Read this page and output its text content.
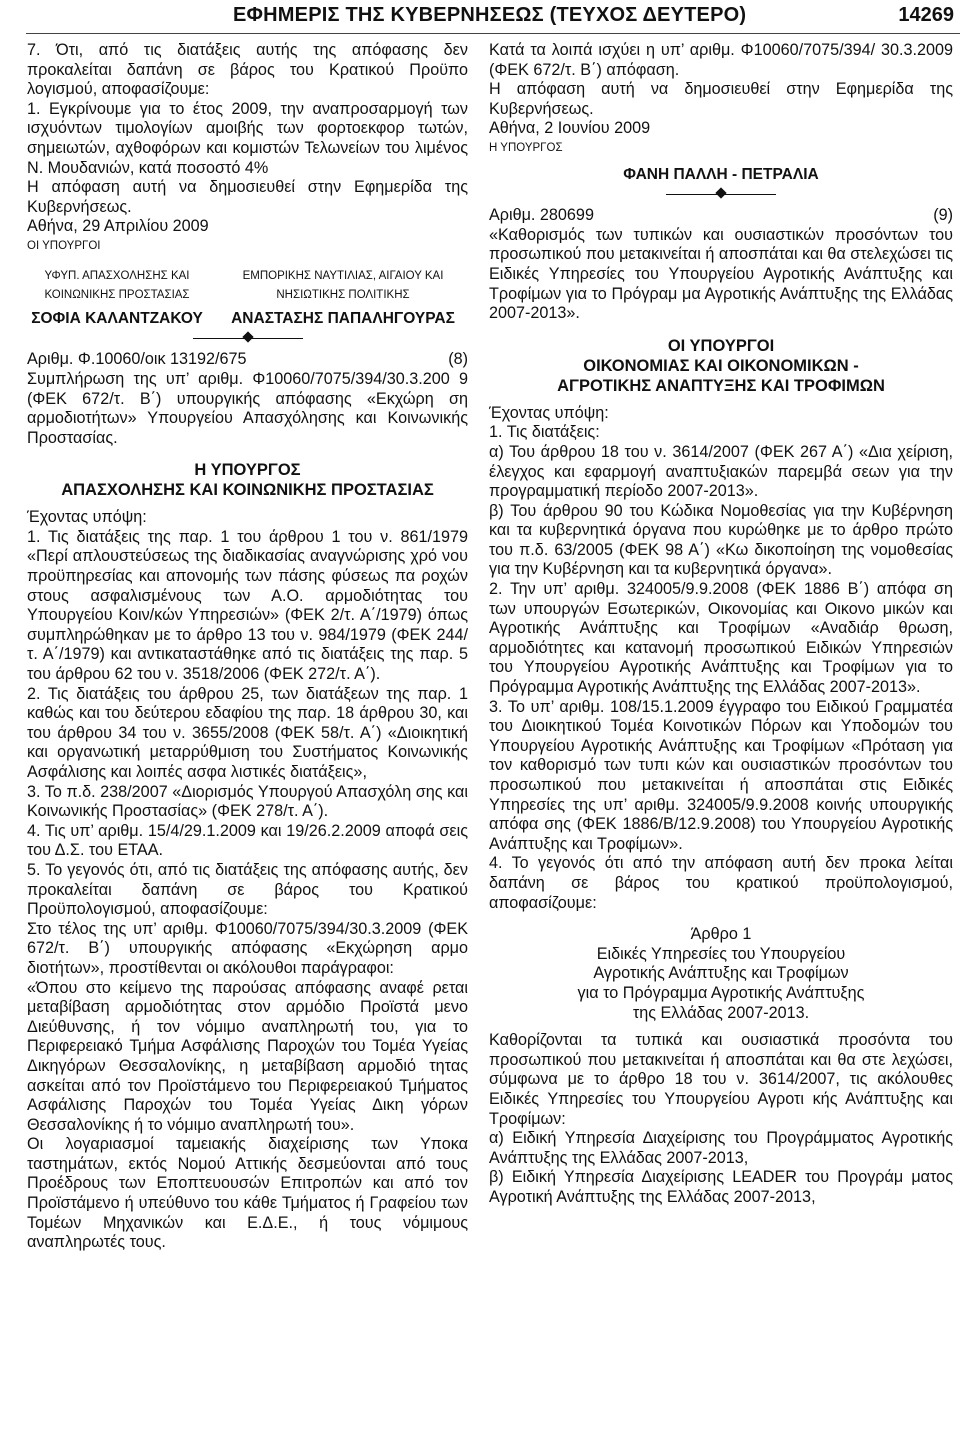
ΕΦΗΜΕΡΙΣ ΤΗΣ ΚΥΒΕΡΝΗΣΕΩΣ (ΤΕΥΧΟΣ ΔΕΥΤΕΡΟ)	14269

7. Ότι, από τις διατάξεις αυτής της απόφασης δεν προκαλείται δαπάνη σε βάρος του Κρατικού Προϋπο λογισμού, αποφασίζουμε:

1. Εγκρίνουμε για το έτος 2009, την αναπροσαρμογή των ισχυόντων τιμολογίων αμοιβής των φορτοεκφορ τωτών, σημειωτών, αχθοφόρων και κομιστών Τελωνείων του λιμένος Ν. Μουδανιών, κατά ποσοστό 4%

Η απόφαση αυτή να δημοσιευθεί στην Εφημερίδα της Κυβερνήσεως.

Αθήνα, 29 Απριλίου 2009

ΟΙ ΥΠΟΥΡΓΟΙ

ΥΦΥΠ. ΑΠΑΣΧΟΛΗΣΗΣ ΚΑΙ ΚΟΙΝΩΝΙΚΗΣ ΠΡΟΣΤΑΣΙΑΣ
ΣΟΦΙΑ ΚΑΛΑΝΤΖΑΚΟΥ
ΕΜΠΟΡΙΚΗΣ ΝΑΥΤΙΛΙΑΣ, ΑΙΓΑΙΟΥ ΚΑΙ ΝΗΣΙΩΤΙΚΗΣ ΠΟΛΙΤΙΚΗΣ
ΑΝΑΣΤΑΣΗΣ ΠΑΠΑΛΗΓΟΥΡΑΣ
Αριθμ. Φ.10060/οικ 13192/675	(8)

Συμπλήρωση της υπ’ αριθμ. Φ10060/7075/394/30.3.200 9 (ΦΕΚ 672/τ. Β΄) υπουργικής απόφασης «Εκχώρη ση αρμοδιοτήτων» Υπουργείου Απασχόλησης και Κοινωνικής Προστασίας.

Η ΥΠΟΥΡΓΟΣ
ΑΠΑΣΧΟΛΗΣΗΣ ΚΑΙ ΚΟΙΝΩΝΙΚΗΣ ΠΡΟΣΤΑΣΙΑΣ

Έχοντας υπόψη:

1. Τις διατάξεις της παρ. 1 του άρθρου 1 του ν. 861/1979 «Περί απλουστεύσεως της διαδικασίας αναγνώρισης χρό νου προϋπηρεσίας και απονομής των πάσης φύσεως πα ροχών στους ασφαλισμένους των Α.Ο. αρμοδιότητας του Υπουργείου Κοιν/κών Υπηρεσιών» (ΦΕΚ 2/τ. Α΄/1979) όπως συμπληρώθηκαν με το άρθρο 13 του ν. 984/1979 (ΦΕΚ 244/τ. Α΄/1979) και αντικαταστάθηκε από τις διατάξεις της παρ. 5 του άρθρου 62 του ν. 3518/2006 (ΦΕΚ 272/τ. Α΄).

2. Τις διατάξεις του άρθρου 25, των διατάξεων της παρ. 1 καθώς και του δεύτερου εδαφίου της παρ. 18 άρθρου 30, και του άρθρου 34 του ν. 3655/2008 (ΦΕΚ 58/τ. Α΄) «Διοικητική και οργανωτική μεταρρύθμιση του Συστήματος Κοινωνικής Ασφάλισης και λοιπές ασφα λιστικές διατάξεις»,

3. Το π.δ. 238/2007 «Διορισμός Υπουργού Απασχόλη σης και Κοινωνικής Προστασίας» (ΦΕΚ 278/τ. Α΄).

4. Τις υπ’ αριθμ. 15/4/29.1.2009 και 19/26.2.2009 αποφά σεις του Δ.Σ. του ΕΤΑΑ.

5. Το γεγονός ότι, από τις διατάξεις της απόφασης αυτής, δεν προκαλείται δαπάνη σε βάρος του Κρατικού Προϋπολογισμού, αποφασίζουμε:

Στο τέλος της υπ’ αριθμ. Φ10060/7075/394/30.3.2009 (ΦΕΚ 672/τ. Β΄) υπουργικής απόφασης «Εκχώρηση αρμο διοτήτων», προστίθενται οι ακόλουθοι παράγραφοι:

«Όπου στο κείμενο της παρούσας απόφασης αναφέ ρεται μεταβίβαση αρμοδιότητας στον αρμόδιο Προϊστά μενο Διεύθυνσης, ή τον νόμιμο αναπληρωτή του, για το Περιφερειακό Τμήμα Ασφάλισης Παροχών του Τομέα Υγείας Δικηγόρων Θεσσαλονίκης, η μεταβίβαση αρμοδιό τητας ασκείται από τον Προϊστάμενο του Περιφερειακού Τμήματος Ασφάλισης Παροχών του Τομέα Υγείας Δικη γόρων Θεσσαλονίκης ή το νόμιμο αναπληρωτή του».

Οι λογαριασμοί ταμειακής διαχείρισης των Υποκα ταστημάτων, εκτός Νομού Αττικής δεσμεύονται από τους Προέδρους των Επoπτευουσών Επιτροπών και από τον Προϊστάμενο ή υπεύθυνο του κάθε Τμήματος ή Γραφείου των Τομέων Μηχανικών και Ε.Δ.Ε., ή τους νόμιμους αναπληρωτές τους.

Κατά τα λοιπά ισχύει η υπ’ αριθμ. Φ10060/7075/394/ 30.3.2009 (ΦΕΚ 672/τ. Β΄) απόφαση.

Η απόφαση αυτή να δημοσιευθεί στην Εφημερίδα της Κυβερνήσεως.

Αθήνα, 2 Ιουνίου 2009

Η ΥΠΟΥΡΓΟΣ

ΦΑΝΗ ΠΑΛΛΗ - ΠΕΤΡΑΛΙΑ

Αριθμ. 280699	(9)

«Καθορισμός των τυπικών και ουσιαστικών προσόντων του προσωπικού που μετακινείται ή αποσπάται και θα στελεχώσει τις Ειδικές Υπηρεσίες του Υπουργείου Αγροτικής Ανάπτυξης και Τροφίμων για το Πρόγραμ μα Αγροτικής Ανάπτυξης της Ελλάδας 2007-2013».

ΟΙ ΥΠΟΥΡΓΟΙ
ΟΙΚΟΝΟΜΙΑΣ ΚΑΙ ΟΙΚΟΝΟΜΙΚΩΝ -
ΑΓΡΟΤΙΚΗΣ ΑΝΑΠΤΥΞΗΣ ΚΑΙ ΤΡΟΦΙΜΩΝ

Έχοντας υπόψη:

1. Τις διατάξεις:

α) Του άρθρου 18 του ν. 3614/2007 (ΦΕΚ 267 Α΄) «Δια χείριση, έλεγχος και εφαρμογή αναπτυξιακών παρεμβά σεων για την προγραμματική περίοδο 2007-2013».

β) Του άρθρου 90 του Κώδικα Νομοθεσίας για την Κυβέρνηση και τα κυβερνητικά όργανα που κυρώθηκε με το άρθρο πρώτο του π.δ. 63/2005 (ΦΕΚ 98 Α΄) «Κω δικοποίηση της νομοθεσίας για την Κυβέρνηση και τα κυβερνητικά όργανα».

2. Την υπ’ αριθμ. 324005/9.9.2008 (ΦΕΚ 1886 Β΄) απόφα ση των υπουργών Εσωτερικών, Οικονομίας και Οικονο μικών και Αγροτικής Ανάπτυξης και Τροφίμων «Αναδιάρ θρωση, αρμοδιότητες και κατανομή προσωπικού Ειδικών Υπηρεσιών του Υπουργείου Αγροτικής Ανάπτυξης και Τροφίμων για το Πρόγραμμα Αγροτικής Ανάπτυξης της Ελλάδας 2007-2013».

3. Το υπ’ αριθμ. 108/15.1.2009 έγγραφο του Ειδικού Γραμματέα του Διοικητικού Τομέα Κοινοτικών Πόρων και Υποδομών του Υπουργείου Αγροτικής Ανάπτυξης και Τροφίμων «Πρόταση για τον καθορισμό των τυπι κών και ουσιαστικών προσόντων του προσωπικού που μετακινείται ή αποσπάται στις Ειδικές Υπηρεσίες της υπ’ αριθμ. 324005/9.9.2008 κοινής υπουργικής απόφα σης (ΦΕΚ 1886/Β/12.9.2008) του Υπουργείου Αγροτικής Ανάπτυξης και Τροφίμων».

4. Το γεγονός ότι από την απόφαση αυτή δεν προκα λείται δαπάνη σε βάρος του κρατικού προϋπολογισμού, αποφασίζουμε:

Άρθρο 1
Ειδικές Υπηρεσίες του Υπουργείου
Αγροτικής Ανάπτυξης και Τροφίμων
για το Πρόγραμμα Αγροτικής Ανάπτυξης
της Ελλάδας 2007-2013.

Καθορίζονται τα τυπικά και ουσιαστικά προσόντα του προσωπικού που μετακινείται ή αποσπάται και θα στε λεχώσει, σύμφωνα με το άρθρο 18 του ν. 3614/2007, τις ακόλουθες Ειδικές Υπηρεσίες του Υπουργείου Αγροτι κής Ανάπτυξης και Τροφίμων:

α) Ειδική Υπηρεσία Διαχείρισης του Προγράμματος Αγροτικής Ανάπτυξης της Ελλάδας 2007-2013,

β) Ειδική Υπηρεσία Διαχείρισης LEADER του Προγράμ ματος Αγροτική Ανάπτυξης της Ελλάδας 2007-2013,
